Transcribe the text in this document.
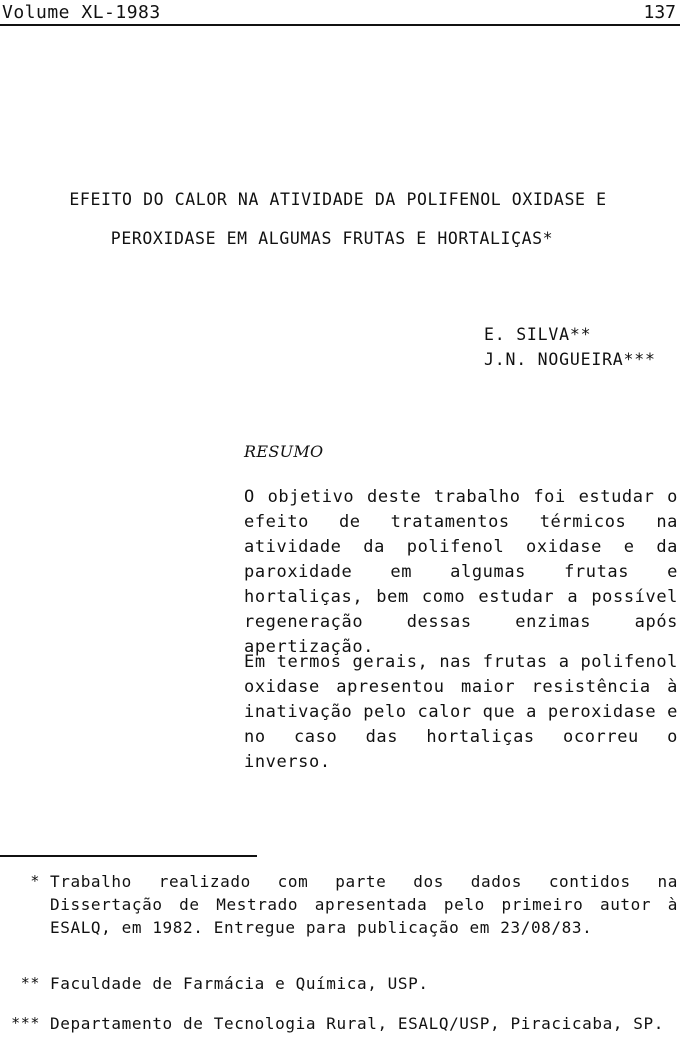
Volume XL-1983	137
EFEITO DO CALOR NA ATIVIDADE DA POLIFENOL OXIDASE E
PEROXIDASE EM ALGUMAS FRUTAS E HORTALIÇAS*
E. SILVA**
J.N. NOGUEIRA***
RESUMO
O objetivo deste trabalho foi estudar o efeito de tratamentos térmicos na atividade da polifenol oxidase e da paroxidade em algumas frutas e hortaliças, bem como estudar a possível regeneração dessas enzimas após apertização.
Em termos gerais, nas frutas a polifenol oxidase apresentou maior resistência à inativação pelo calor que a peroxidase e no caso das hortaliças ocorreu o inverso.
* Trabalho realizado com parte dos dados contidos na Dissertação de Mestrado apresentada pelo primeiro autor à ESALQ, em 1982. Entregue para publicação em 23/08/83.
** Faculdade de Farmácia e Química, USP.
*** Departamento de Tecnologia Rural, ESALQ/USP, Piracicaba, SP.
